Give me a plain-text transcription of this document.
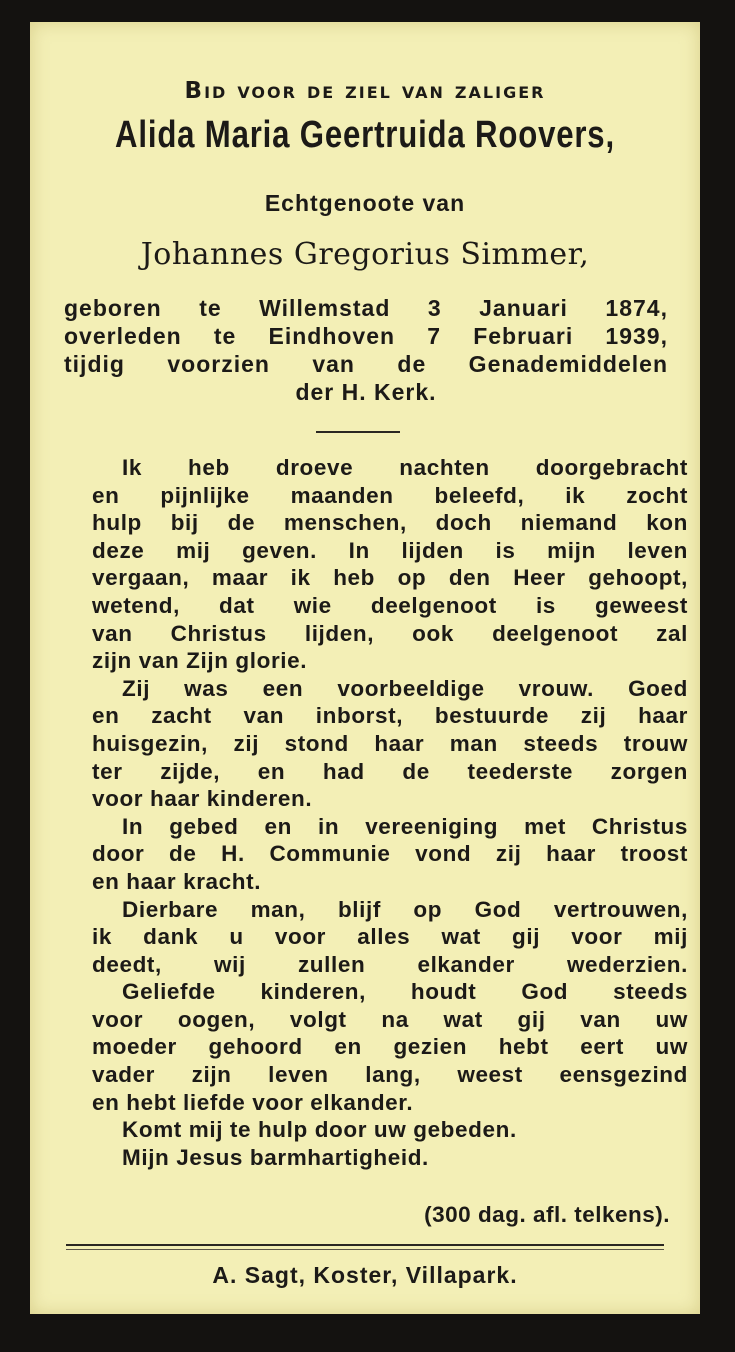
Bid voor de ziel van zaliger
Alida Maria Geertruida Roovers,
Echtgenoote van
Johannes Gregorius Simmer,
geboren te Willemstad 3 Januari 1874,
overleden te Eindhoven 7 Februari 1939,
tijdig voorzien van de Genademiddelen
der H. Kerk.
Ik heb droeve nachten doorgebracht
en pijnlijke maanden beleefd, ik zocht
hulp bij de menschen, doch niemand kon
deze mij geven. In lijden is mijn leven
vergaan, maar ik heb op den Heer gehoopt,
wetend, dat wie deelgenoot is geweest
van Christus lijden, ook deelgenoot zal
zijn van Zijn glorie.
Zij was een voorbeeldige vrouw. Goed
en zacht van inborst, bestuurde zij haar
huisgezin, zij stond haar man steeds trouw
ter zijde, en had de teederste zorgen
voor haar kinderen.
In gebed en in vereeniging met Christus
door de H. Communie vond zij haar troost
en haar kracht.
Dierbare man, blijf op God vertrouwen,
ik dank u voor alles wat gij voor mij
deedt, wij zullen elkander wederzien.
Geliefde kinderen, houdt God steeds
voor oogen, volgt na wat gij van uw
moeder gehoord en gezien hebt eert uw
vader zijn leven lang, weest eensgezind
en hebt liefde voor elkander.
Komt mij te hulp door uw gebeden.
Mijn Jesus barmhartigheid.
(300 dag. afl. telkens).
A. Sagt, Koster, Villapark.
